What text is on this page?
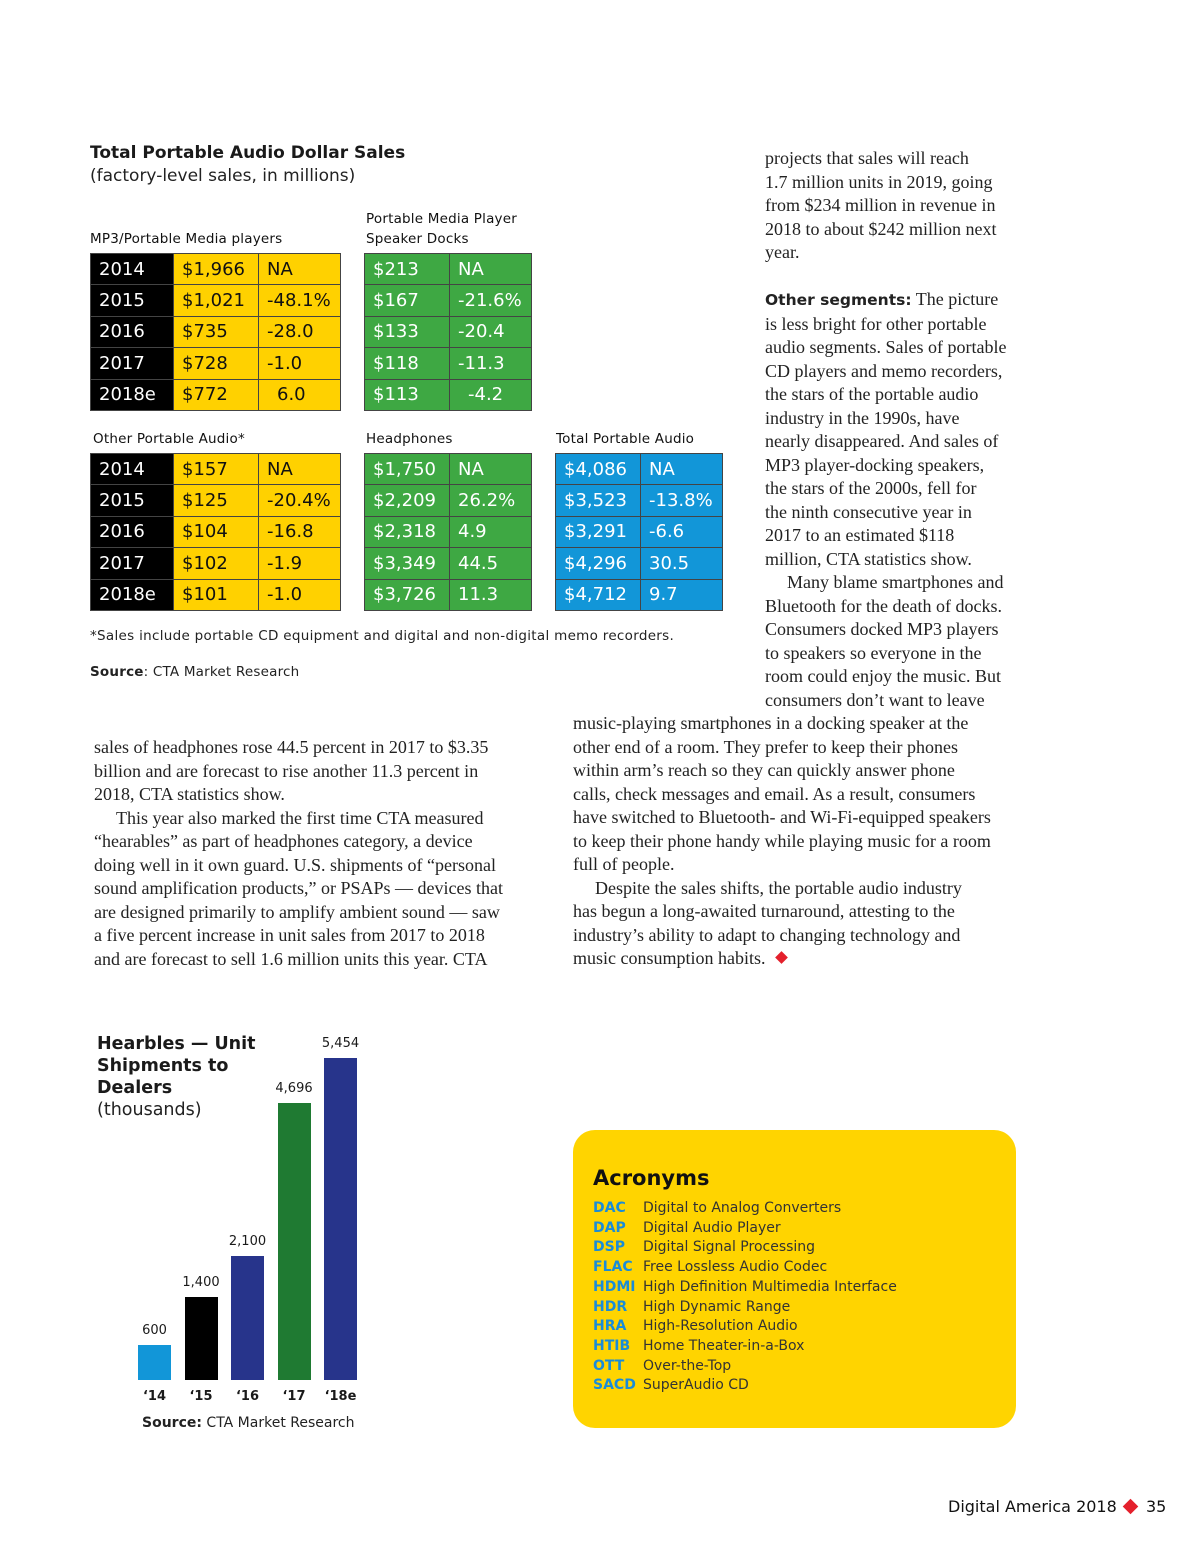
Total Portable Audio Dollar Sales
(factory-level sales, in millions)
MP3/Portable Media players
Portable Media Player
Speaker Docks
2014	$1,966	NA
2015	$1,021	-48.1%
2016	$735	-28.0
2017	$728	-1.0
2018e	$772	6.0
$213	NA
$167	-21.6%
$133	-20.4
$118	-11.3
$113	-4.2
Other Portable Audio*	Headphones	Total Portable Audio
2014	$157	NA
2015	$125	-20.4%
2016	$104	-16.8
2017	$102	-1.9
2018e	$101	-1.0
$1,750	NA
$2,209	26.2%
$2,318	4.9
$3,349	44.5
$3,726	11.3
$4,086	NA
$3,523	-13.8%
$3,291	-6.6
$4,296	30.5
$4,712	9.7
*Sales include portable CD equipment and digital and non-digital memo recorders.
Source: CTA Market Research
projects that sales will reach
1.7 million units in 2019, going
from $234 million in revenue in
2018 to about $242 million next
year.
Other segments: The picture
is less bright for other portable
audio segments. Sales of portable
CD players and memo recorders,
the stars of the portable audio
industry in the 1990s, have
nearly disappeared. And sales of
MP3 player-docking speakers,
the stars of the 2000s, fell for
the ninth consecutive year in
2017 to an estimated $118
million, CTA statistics show.
Many blame smartphones and
Bluetooth for the death of docks.
Consumers docked MP3 players
to speakers so everyone in the
room could enjoy the music. But
consumers don’t want to leave
music-playing smartphones in a docking speaker at the
other end of a room. They prefer to keep their phones
within arm’s reach so they can quickly answer phone
calls, check messages and email. As a result, consumers
have switched to Bluetooth- and Wi-Fi-equipped speakers
to keep their phone handy while playing music for a room
full of people.
Despite the sales shifts, the portable audio industry
has begun a long-awaited turnaround, attesting to the
industry’s ability to adapt to changing technology and
music consumption habits.
sales of headphones rose 44.5 percent in 2017 to $3.35
billion and are forecast to rise another 11.3 percent in
2018, CTA statistics show.
This year also marked the first time CTA measured
“hearables” as part of headphones category, a device
doing well in it own guard. U.S. shipments of “personal
sound amplification products,” or PSAPs — devices that
are designed primarily to amplify ambient sound — saw
a five percent increase in unit sales from 2017 to 2018
and are forecast to sell 1.6 million units this year. CTA
Hearbles — Unit
Shipments to
Dealers
(thousands)
600
‘14
1,400
‘15
2,100
‘16
4,696
‘17
5,454
‘18e
Source: CTA Market Research
Acronyms
DAC	Digital to Analog Converters
DAP	Digital Audio Player
DSP	Digital Signal Processing
FLAC Free Lossless Audio Codec
HDMI High Definition Multimedia Interface
HDR	High Dynamic Range
HRA	High-Resolution Audio
HTIB Home Theater-in-a-Box
OTT	Over-the-Top
SACD SuperAudio CD
Digital America 2018 35
